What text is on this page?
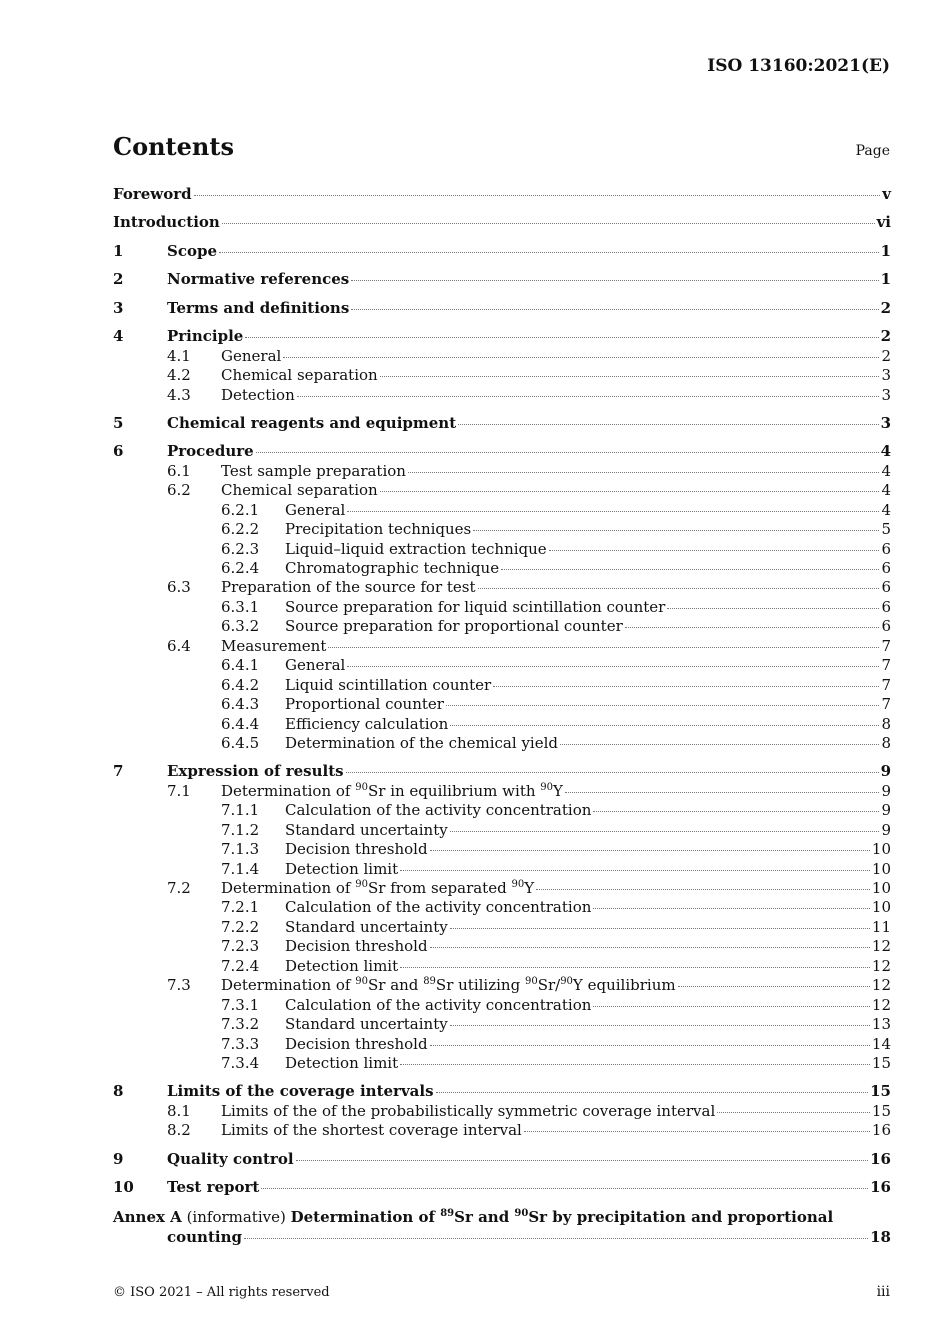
ISO 13160:2021(E)
Contents	Page
Foreword	v
Introduction	vi
1	Scope	1
2	Normative references	1
3	Terms and definitions	2
4	Principle	2
4.1 General	2
4.2 Chemical separation	3
4.3 Detection	3
5	Chemical reagents and equipment	3
6	Procedure	4
6.1 Test sample preparation	4
6.2 Chemical separation	4
6.2.1 General	4
6.2.2 Precipitation techniques	5
6.2.3 Liquid–liquid extraction technique	6
6.2.4 Chromatographic technique	6
6.3 Preparation of the source for test	6
6.3.1 Source preparation for liquid scintillation counter	6
6.3.2 Source preparation for proportional counter	6
6.4 Measurement	7
6.4.1 General	7
6.4.2 Liquid scintillation counter	7
6.4.3 Proportional counter	7
6.4.4 Efficiency calculation	8
6.4.5 Determination of the chemical yield	8
7	Expression of results	9
7.1 Determination of $^{90}$Sr in equilibrium with $^{90}$Y	9
7.1.1 Calculation of the activity concentration	9
7.1.2 Standard uncertainty	9
7.1.3 Decision threshold	10
7.1.4 Detection limit	10
7.2 Determination of $^{90}$Sr from separated $^{90}$Y	10
7.2.1 Calculation of the activity concentration	10
7.2.2 Standard uncertainty	11
7.2.3 Decision threshold	12
7.2.4 Detection limit	12
7.3 Determination of $^{90}$Sr and $^{89}$Sr utilizing $^{90}$Sr/$^{90}$Y equilibrium	12
7.3.1 Calculation of the activity concentration	12
7.3.2 Standard uncertainty	13
7.3.3 Decision threshold	14
7.3.4 Detection limit	15
8	Limits of the coverage intervals	15
8.1 Limits of the of the probabilistically symmetric coverage interval	15
8.2 Limits of the shortest coverage interval	16
9	Quality control	16
10 Test report	16
Annex A (informative) Determination of $^{89}$Sr and $^{90}$Sr by precipitation and proportional
counting	18
© ISO 2021 – All rights reserved	iii
